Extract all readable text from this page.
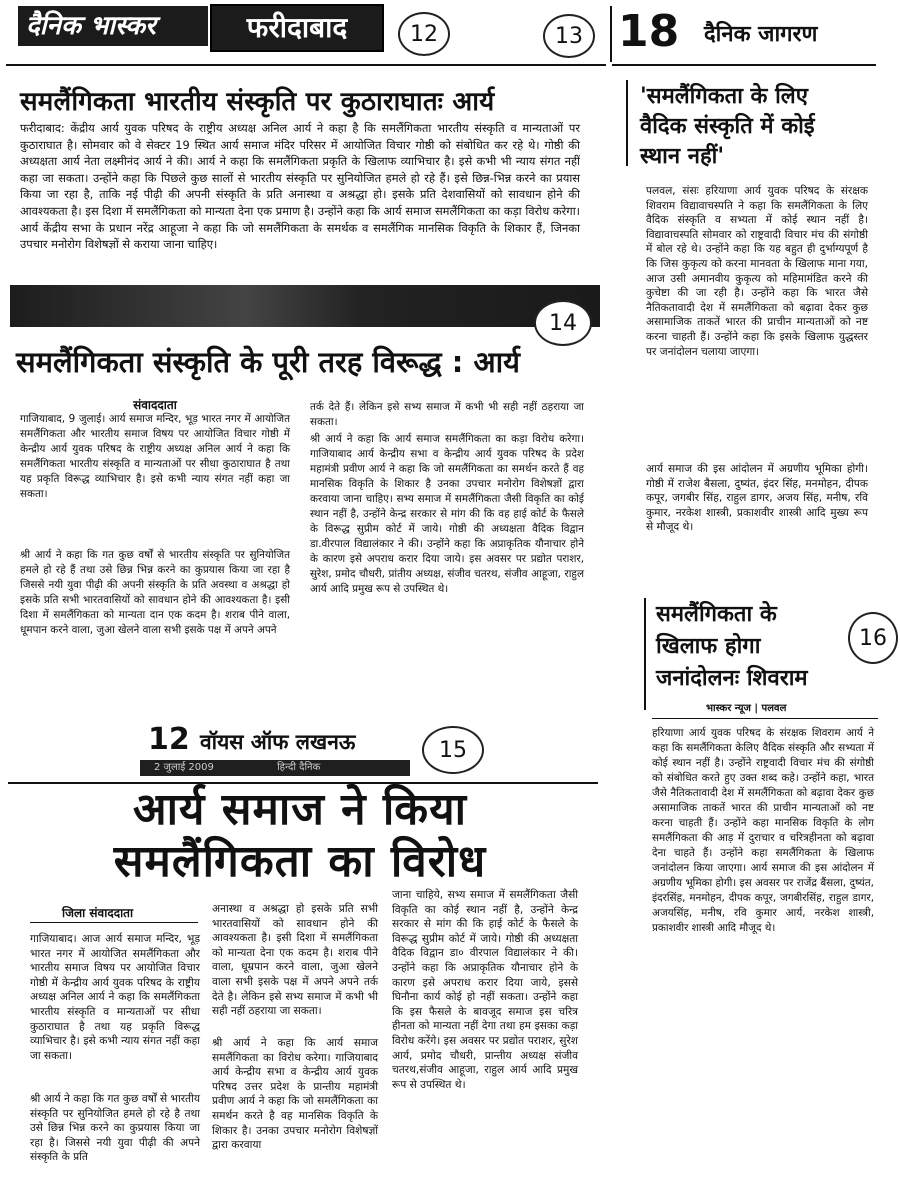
दैनिक भास्कर	फरीदाबाद	12
समलैंगिकता भारतीय संस्कृति पर कुठाराघातः आर्य

फरीदाबाद: केंद्रीय आर्य युवक परिषद के राष्ट्रीय अध्यक्ष अनिल आर्य ने कहा है कि समलैंगिकता भारतीय संस्कृति व मान्यताओं पर कुठाराघात है। सोमवार को वे सेक्टर 19 स्थित आर्य समाज मंदिर परिसर में आयोजित विचार गोष्ठी को संबोधित कर रहे थे। गोष्ठी की अध्यक्षता आर्य नेता लक्ष्मीनंद आर्य ने की। आर्य ने कहा कि समलैंगिकता प्रकृति के खिलाफ व्याभिचार है। इसे कभी भी न्याय संगत नहीं कहा जा सकता। उन्होंने कहा कि पिछले कुछ सालों से भारतीय संस्कृति पर सुनियोजित हमले हो रहे हैं। इसे छिन्न-भिन्न करने का प्रयास किया जा रहा है, ताकि नई पीढ़ी की अपनी संस्कृति के प्रति अनास्था व अश्रद्धा हो। इसके प्रति देशवासियों को सावधान होने की आवश्यकता है। इस दिशा में समलैंगिकता को मान्यता देना एक प्रमाण है। उन्होंने कहा कि आर्य समाज समलैंगिकता का कड़ा विरोध करेगा। आर्य केंद्रीय सभा के प्रधान नरेंद्र आहूजा ने कहा कि जो समलैंगिकता के समर्थक व समलैंगिक मानसिक विकृति के शिकार हैं, जिनका उपचार मनोरोग विशेषज्ञों से कराया जाना चाहिए।

13 18 दैनिक जागरण
'समलैंगिकता के लिए वैदिक संस्कृति में कोई स्थान नहीं'

पलवल, संसः हरियाणा आर्य युवक परिषद के संरक्षक शिवराम विद्यावाचस्पति ने कहा कि समलैंगिकता के लिए वैदिक संस्कृति व सभ्यता में कोई स्थान नहीं है। विद्यावाचस्पति सोमवार को राष्ट्रवादी विचार मंच की संगोष्ठी में बोल रहे थे। उन्होंने कहा कि यह बहुत ही दुर्भाग्यपूर्ण है कि जिस कुकृत्य को करना मानवता के खिलाफ माना गया, आज उसी अमानवीय कुकृत्य को महिमामंडित करने की कुचेष्टा की जा रही है। उन्होंने कहा कि भारत जैसे नैतिकतावादी देश में समलैंगिकता को बढ़ावा देकर कुछ असामाजिक ताकतें भारत की प्राचीन मान्यताओं को नष्ट करना चाहती हैं। उन्होंने कहा कि इसके खिलाफ युद्धस्तर पर जनांदोलन चलाया जाएगा।

आर्य समाज की इस आंदोलन में अग्रणीय भूमिका होगी। गोष्ठी में राजेश बैसला, दुष्यंत, इंदर सिंह, मनमोहन, दीपक कपूर, जगबीर सिंह, राहुल डागर, अजय सिंह, मनीष, रवि कुमार, नरकेश शास्त्री, प्रकाशवीर शास्त्री आदि मुख्य रूप से मौजूद थे।

14
समलैंगिकता संस्कृति के पूरी तरह विरूद्ध : आर्य
संवाददाता

गाजियाबाद, 9 जुलाई। आर्य समाज मन्दिर, भूड़ भारत नगर में आयोजित समलैंगिकता और भारतीय समाज विषय पर आयोजित विचार गोष्ठी में केन्द्रीय आर्य युवक परिषद के राष्ट्रीय अध्यक्ष अनिल आर्य ने कहा कि समलैंगिकता भारतीय संस्कृति व मान्यताओं पर सीधा कुठाराघात है तथा यह प्रकृति विरूद्ध व्याभिचार है। इसे कभी न्याय संगत नहीं कहा जा सकता।

श्री आर्य ने कहा कि गत कुछ वर्षों से भारतीय संस्कृति पर सुनियोजित हमले हो रहे हैं तथा उसे छिन्न भिन्न करने का कुप्रयास किया जा रहा है जिससे नयी युवा पीढ़ी की अपनी संस्कृति के प्रति अवस्था व अश्रद्धा हो इसके प्रति सभी भारतवासियों को सावधान होने की आवश्यकता है। इसी दिशा में समलैंगिकता को मान्यता दान एक कदम है। शराब पीने वाला, धूमपान करने वाला, जुआ खेलने वाला सभी इसके पक्ष में अपने अपने

तर्क देते हैं। लेकिन इसे सभ्य समाज में कभी भी सही नहीं ठहराया जा सकता।

श्री आर्य ने कहा कि आर्य समाज समलैंगिकता का कड़ा विरोध करेगा। गाजियाबाद आर्य केन्द्रीय सभा व केन्द्रीय आर्य युवक परिषद के प्रदेश महामंत्री प्रवीण आर्य ने कहा कि जो समलैंगिकता का समर्थन करते हैं वह मानसिक विकृति के शिकार है उनका उपचार मनोरोग विशेषज्ञों द्वारा करवाया जाना चाहिए। सभ्य समाज में समलैंगिकता जैसी विकृति का कोई स्थान नहीं है, उन्होंने केन्द्र सरकार से मांग की कि वह हाई कोर्ट के फैसले के विरूद्ध सुप्रीम कोर्ट में जाये। गोष्ठी की अध्यक्षता वैदिक विद्वान डा.वीरपाल विद्यालंकार ने की। उन्होंने कहा कि अप्राकृतिक यौनाचार होने के कारण इसे अपराध करार दिया जाये। इस अवसर पर प्रद्योत पराशर, सुरेश, प्रमोद चौधरी, प्रांतीय अध्यक्ष, संजीव चतरथ, संजीव आहूजा, राहुल आर्य आदि प्रमुख रूप से उपस्थित थे।

12 वॉयस ऑफ लखनऊ	15
2 जुलाई 2009	हिन्दी दैनिक
आर्य समाज ने किया
समलैंगिकता का विरोध
जिला संवाददाता

गाजियाबाद। आज आर्य समाज मन्दिर, भूड़ भारत नगर में आयोजित समलैंगिकता और भारतीय समाज विषय पर आयोजित विचार गोष्ठी में केन्द्रीय आर्य युवक परिषद के राष्ट्रीय अध्यक्ष अनिल आर्य ने कहा कि समलैंगिकता भारतीय संस्कृति व मान्यताओं पर सीधा कुठाराघात है तथा यह प्रकृति विरूद्ध व्याभिचार है। इसे कभी न्याय संगत नहीं कहा जा सकता।

श्री आर्य ने कहा कि गत कुछ वर्षों से भारतीय संस्कृति पर सुनियोजित हमले हो रहे है तथा उसे छिन्न भिन्न करने का कुप्रयास किया जा रहा है। जिससे नयी युवा पीढ़ी की अपने संस्कृति के प्रति

अनास्था व अश्रद्धा हो इसके प्रति सभी भारतवासियों को सावधान होने की आवश्यकता है। इसी दिशा में समलैंगिकता को मान्यता देना एक कदम है। शराब पीने वाला, धूम्रपान करने वाला, जुआ खेलने वाला सभी इसके पक्ष में अपने अपने तर्क देते है। लेकिन इसे सभ्य समाज में कभी भी सही नहीं ठहराया जा सकता।

श्री आर्य ने कहा कि आर्य समाज समलैंगिकता का विरोध करेगा। गाजियाबाद आर्य केन्द्रीय सभा व केन्द्रीय आर्य युवक परिषद उत्तर प्रदेश के प्रान्तीय महामंत्री प्रवीण आर्य ने कहा कि जो समलैंगिकता का समर्थन करते है वह मानसिक विकृति के शिकार है। उनका उपचार मनोरोग विशेषज्ञों द्वारा करवाया

जाना चाहिये, सभ्य समाज में समलैंगिकता जैसी विकृति का कोई स्थान नहीं है, उन्होंने केन्द्र सरकार से मांग की कि हाई कोर्ट के फैसले के विरूद्ध सुप्रीम कोर्ट में जाये। गोष्ठी की अध्यक्षता वैदिक विद्वान डा० वीरपाल विद्यालंकार ने की। उन्होंने कहा कि अप्राकृतिक यौनाचार होने के कारण इसे अपराध करार दिया जाये, इससे घिनौना कार्य कोई हो नहीं सकता। उन्होंने कहा कि इस फैसले के बावजूद समाज इस चरित्र हीनता को मान्यता नहीं देगा तथा हम इसका कड़ा विरोध करेंगे। इस अवसर पर प्रद्योत पराशर, सुरेश आर्य, प्रमोद चौधरी, प्रान्तीय अध्यक्ष संजीव चतरथ,संजीव आहूजा, राहुल आर्य आदि प्रमुख रूप से उपस्थित थे।

समलैंगिकता के
खिलाफ होगा
जनांदोलनः शिवराम
16
भास्कर न्यूज | पलवल

हरियाणा आर्य युवक परिषद के संरक्षक शिवराम आर्य ने कहा कि समलैंगिकता केलिए वैदिक संस्कृति और सभ्यता में कोई स्थान नहीं है। उन्होंने राष्ट्रवादी विचार मंच की संगोष्ठी को संबोधित करते हुए उक्त शब्द कहे। उन्होंने कहा, भारत जैसे नैतिकतावादी देश में समलैंगिकता को बढ़ावा देकर कुछ असामाजिक ताकतें भारत की प्राचीन मान्यताओं को नष्ट करना चाहती हैं। उन्होंने कहा मानसिक विकृति के लोग समलैंगिकता की आड़ में दुराचार व चरित्रहीनता को बढ़ावा देना चाहते हैं। उन्होंने कहा समलैंगिकता के खिलाफ जनांदोलन किया जाएगा। आर्य समाज की इस आंदोलन में अग्रणीय भूमिका होगी। इस अवसर पर राजेंद्र बैंसला, दुष्यंत, इंदरसिंह, मनमोहन, दीपक कपूर, जगबीरसिंह, राहुल डागर, अजयसिंह, मनीष, रवि कुमार आर्य, नरकेश शास्त्री, प्रकाशवीर शास्त्री आदि मौजूद थे।
